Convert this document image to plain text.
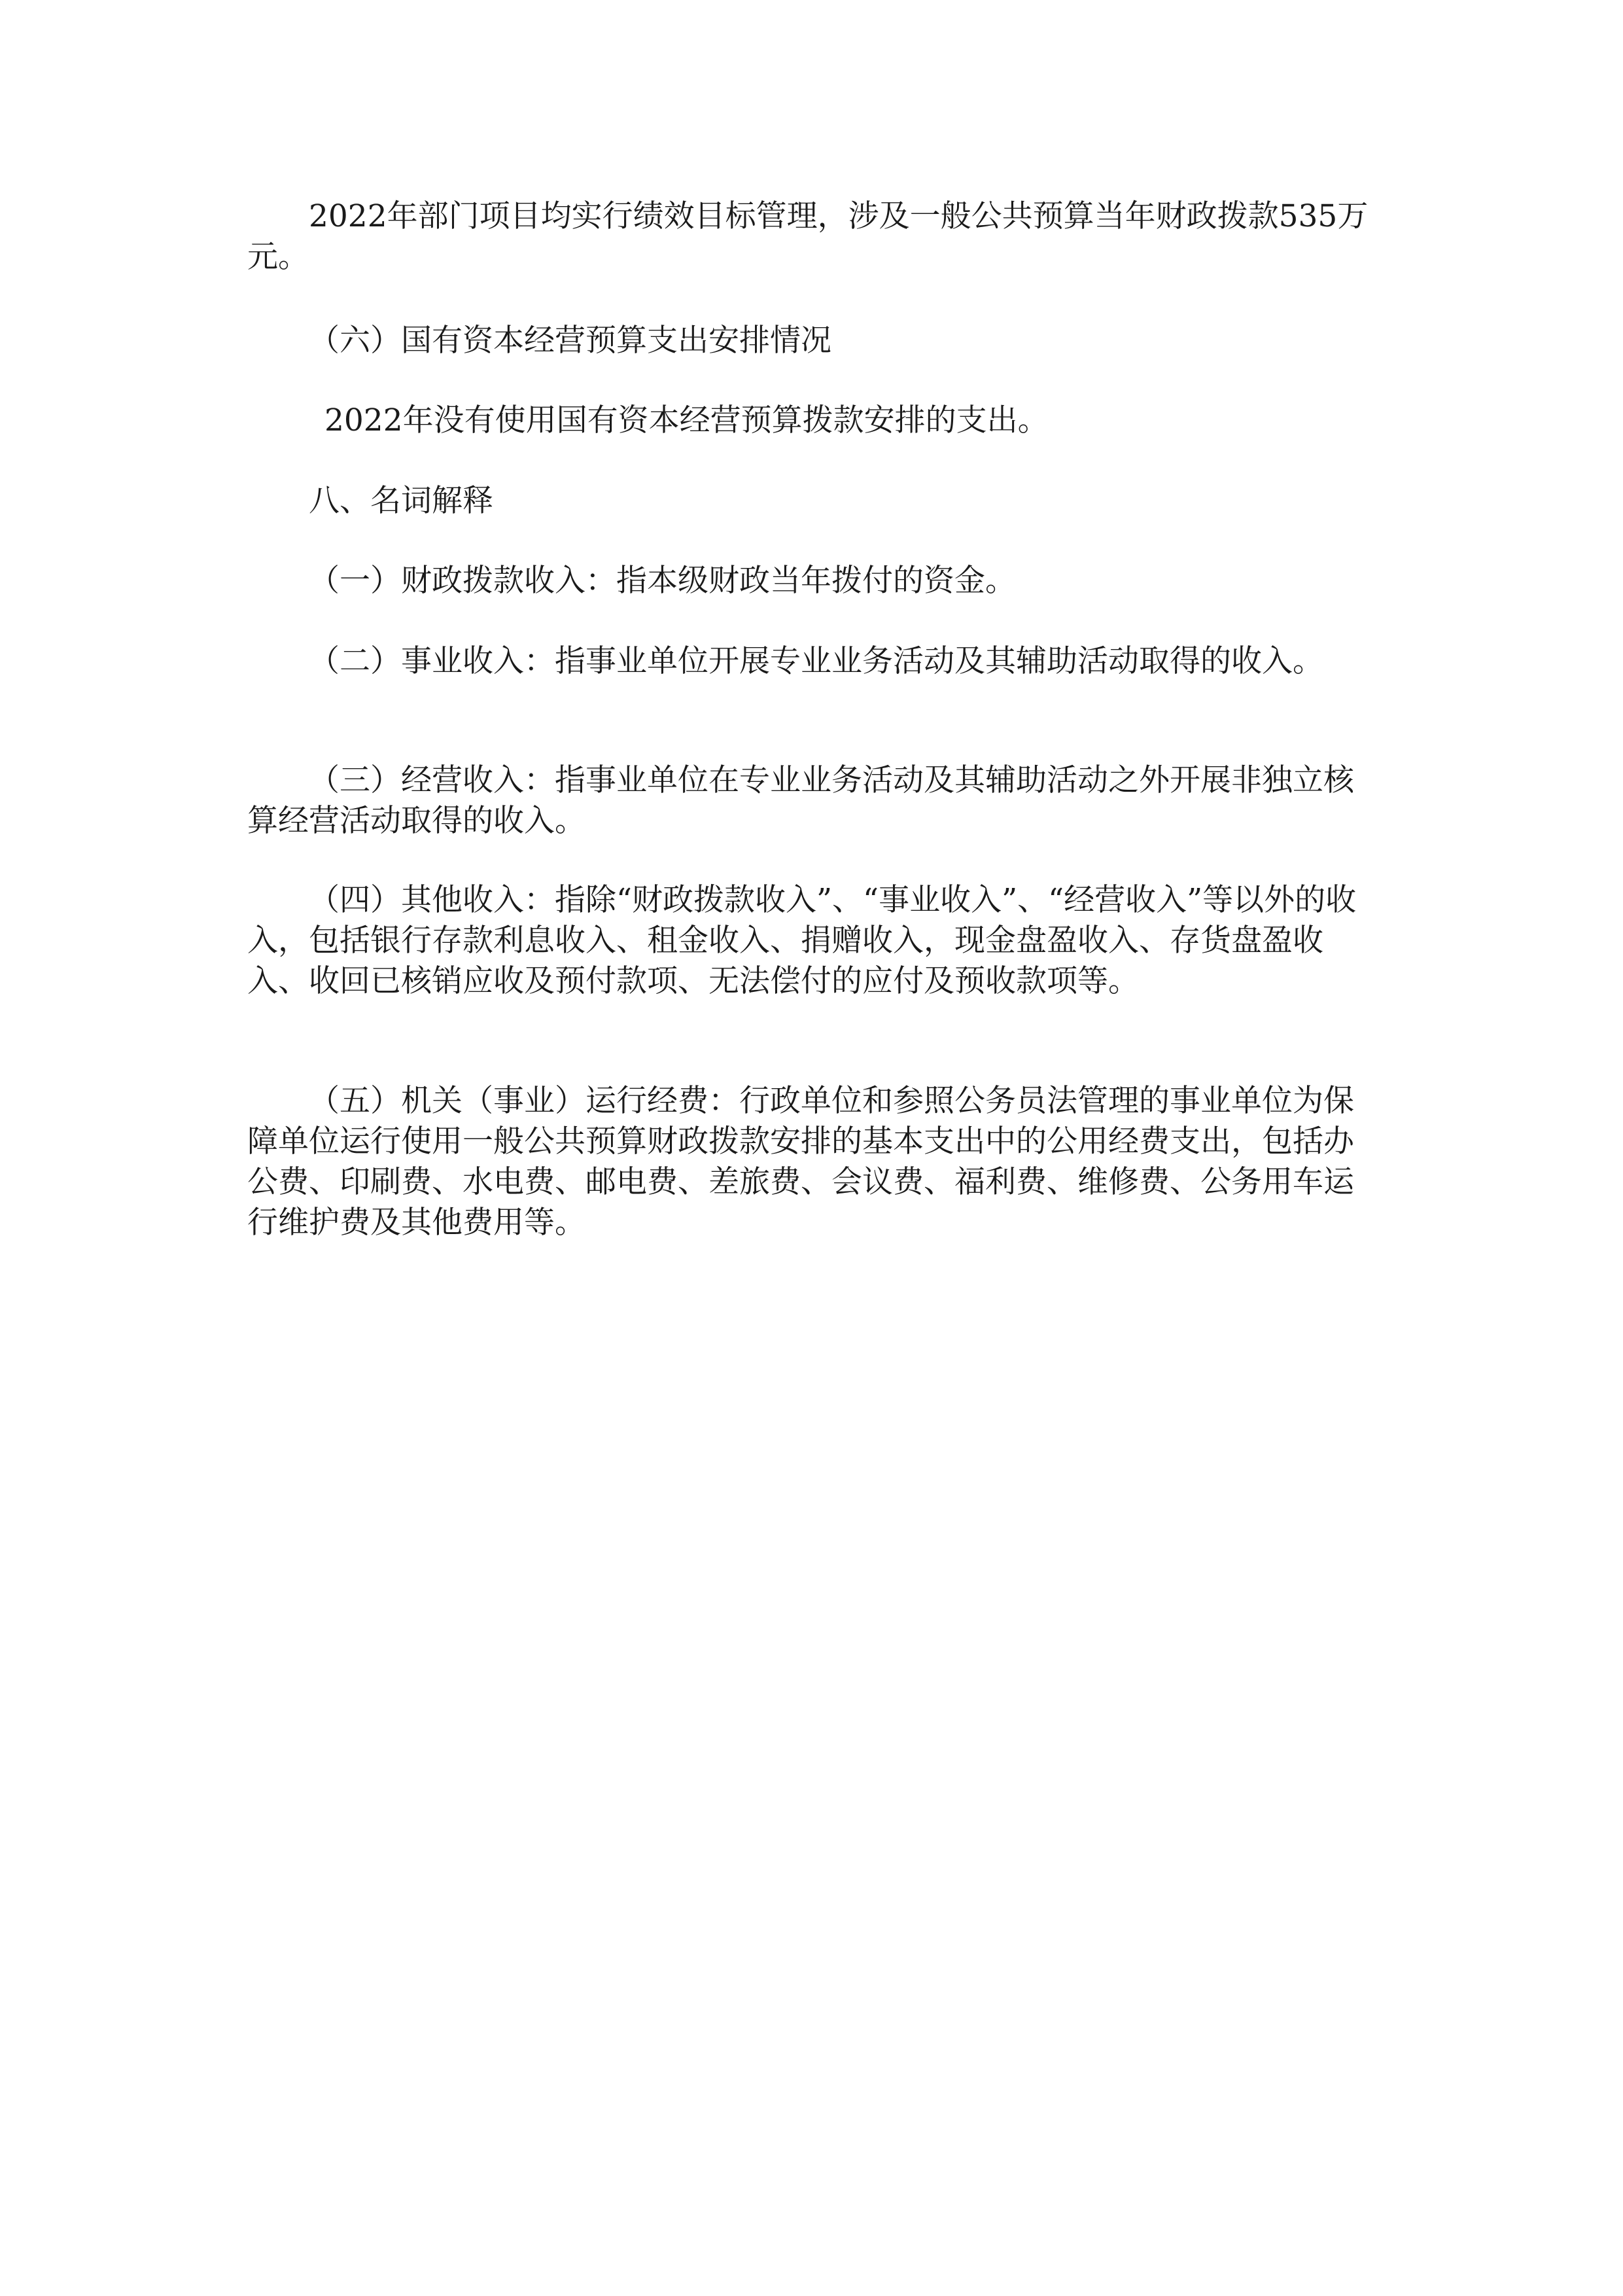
2022年部门项目均实行绩效目标管理，涉及一般公共预算当年财政拨款535万元。

（六）国有资本经营预算支出安排情况

2022年没有使用国有资本经营预算拨款安排的支出。

八、名词解释

（一）财政拨款收入：指本级财政当年拨付的资金。

（二）事业收入：指事业单位开展专业业务活动及其辅助活动取得的收入。

（三）经营收入：指事业单位在专业业务活动及其辅助活动之外开展非独立核算经营活动取得的收入。

（四）其他收入：指除“财政拨款收入”、“事业收入”、“经营收入”等以外的收入，包括银行存款利息收入、租金收入、捐赠收入，现金盘盈收入、存货盘盈收入、收回已核销应收及预付款项、无法偿付的应付及预收款项等。

（五）机关（事业）运行经费：行政单位和参照公务员法管理的事业单位为保障单位运行使用一般公共预算财政拨款安排的基本支出中的公用经费支出，包括办公费、印刷费、水电费、邮电费、差旅费、会议费、福利费、维修费、公务用车运行维护费及其他费用等。
